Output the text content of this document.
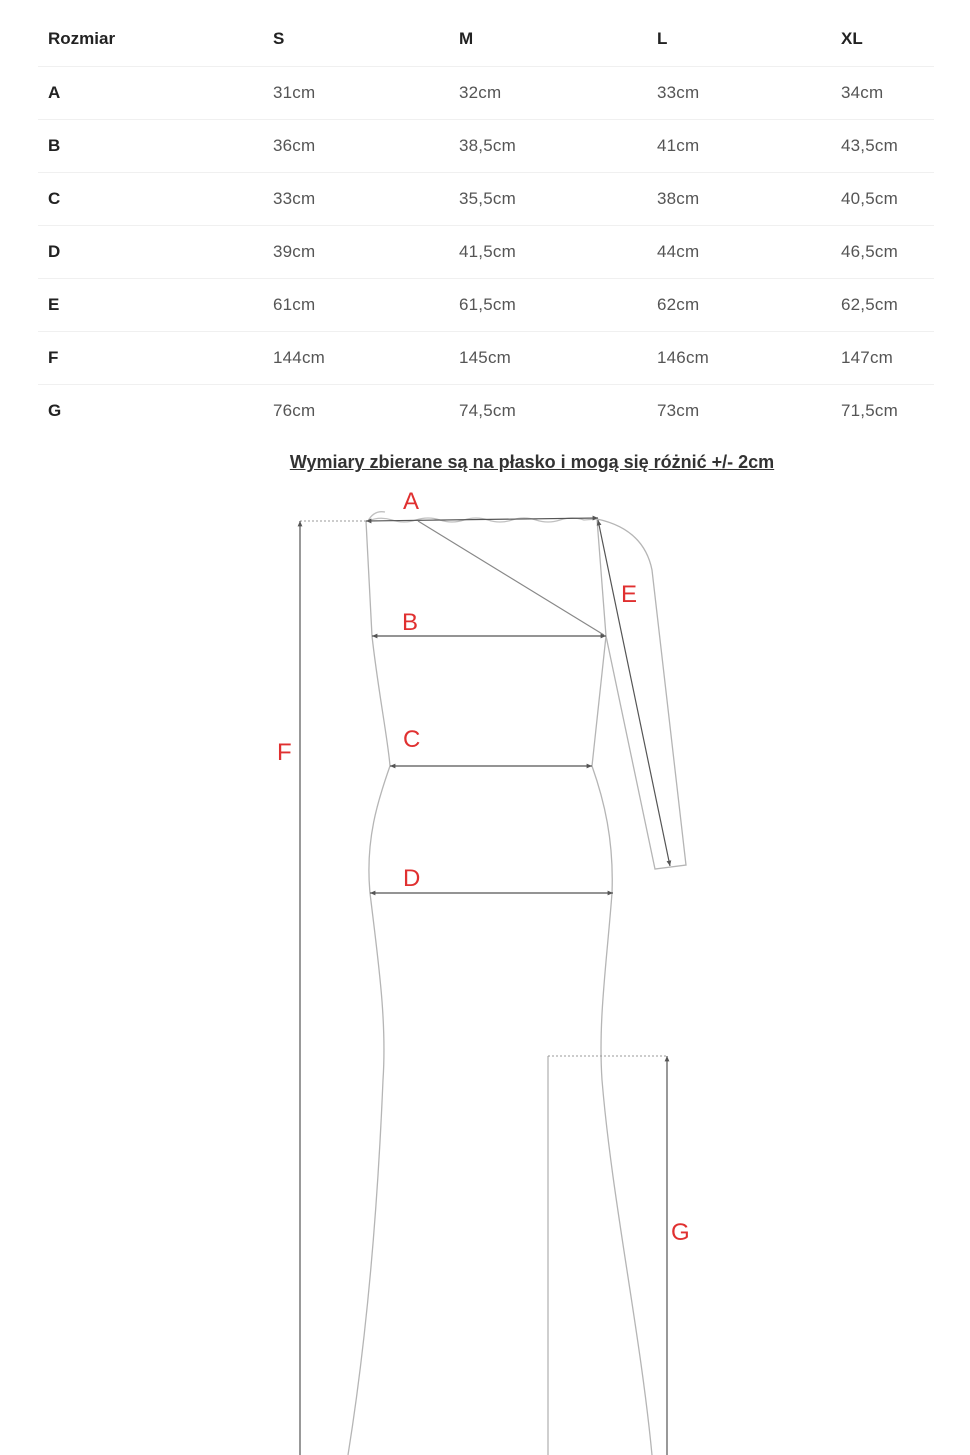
Rozmiar	S	M	L	XL
A	31cm	32cm	33cm	34cm
B	36cm	38,5cm	41cm	43,5cm
C	33cm	35,5cm	38cm	40,5cm
D	39cm	41,5cm	44cm	46,5cm
E	61cm	61,5cm	62cm	62,5cm
F	144cm	145cm	146cm	147cm
G	76cm	74,5cm	73cm	71,5cm
Wymiary zbierane są na płasko i mogą się różnić +/- 2cm
A
B
C
D
E
F
G
